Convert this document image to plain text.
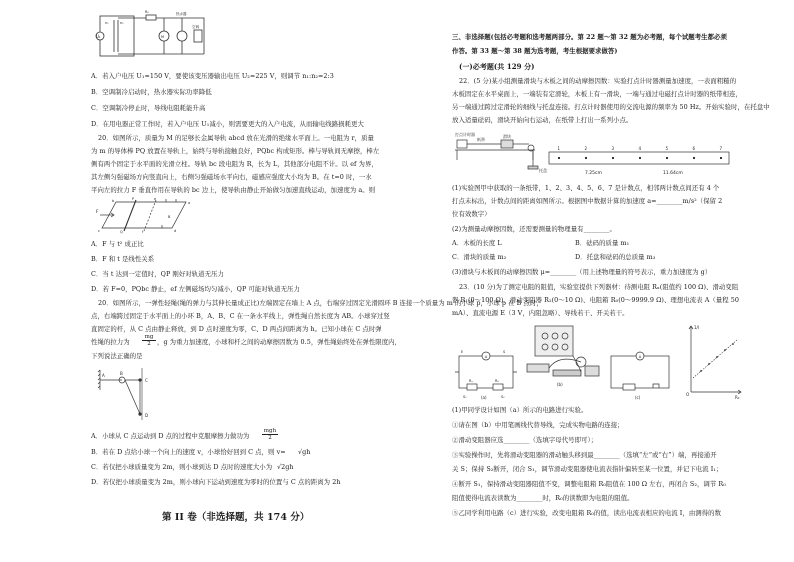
U₁
n₁	n₂
R₀
M
热水器
空调
A．若入户电压 U₁=150 V，要使该变压器输出电压 U₂=225 V，则调节 n₁:n₂=2:3
B．空调制冷启动时，热水器实际功率降低
C．空调制冷停止时，导线电阻耗能升高
D．在用电器正常工作时，若入户电压 U₁减小，则需要更大的入户电流，从而输电线路损耗更大
20．如图所示，质量为 M 的足够长金属导轨 abcd 放在光滑的绝缘水平面上。一电阻为 r，质量
为 m 的导体棒 PQ 放置在导轨上，始终与导轨接触良好，PQbc 构成矩形。棒与导轨间无摩擦，棒左
侧有两个固定于水平面的光滑立柱。导轨 bc 段电阻为 R，长为 L，其他部分电阻不计。以 ef 为界，
其左侧匀强磁场方向竖直向上，右侧匀强磁场水平向右，磁感应强度大小均为 B。在 t=0 时，一水
平向左的拉力 F 垂直作用在导轨的 bc 边上，使导轨由静止开始做匀加速直线运动，加速度为 a。则
F
P
Q
e
f
b
c
a
d
B
A．F 与 t² 成正比
B．F 和 t 是线性关系
C．当 t 达到一定值时，QP 刚好对轨道无压力
D．若 F=0，PQbc 静止，ef 左侧磁场均匀减小，QP 可能对轨道无压力
20．如图所示，一弹性轻绳(绳的弹力与其伸长量成正比)左端固定在墙上 A 点，右端穿过固定光滑圆环 B 连接一个质量为 m 的小球 p，小球 p 在 B 点时，
点，右端跨过固定于水平面上的小环 B，A、B、C 在一条水平线上，弹性绳自然长度为 AB。小球穿过竖
直固定的杆，从 C 点由静止释放，到 D 点时速度为零，C、D 两点间距离为 h。已知小球在 C 点时弹
性绳的拉力为 $\frac{mg}{2}$ ，g 为重力加速度，小球和杆之间的动摩擦因数为 0.5，弹性绳始终处在弹性限度内，
下列说法正确的是
A	B
C
D
A．小球从 C 点运动到 D 点的过程中克服摩擦力做功为
mgh
2
B．若在 D 点给小球一个向上的速度 v，小球恰好回到 C 点，则 v= √gh
C．若仅把小球质量变为 2m，则小球到达 D 点时的速度大小为 √2gh
D．若仅把小球质量变为 2m，则小球向下运动到速度为零时的位置与 C 点的距离为 2h
第 II 卷（非选择题，共 174 分）
三、非选择题(包括必考题和选考题两部分。第 22 题～第 32 题为必考题，每个试题考生都必须
作答。第 33 题～第 38 题为选考题，考生根据要求做答)
(一)必考题(共 129 分)
22．(5 分)某小组测量滑块与木板之间的动摩擦因数：实验打点计时器测量加速度，一表面粗糙的
木板固定在水平桌面上，一端装有定滑轮，木板上有一滑块，一端与通过电磁打点计时器的纸带相连，
另一端通过跨过定滑轮的细线与托盘连接。打点计时器使用的交流电源的频率为 50 Hz。开始实验时，在托盘中
放入适量砝码，滑块开始向右运动，在纸带上打出一系列小点。
打点计时器
纸带
滑块
托盘
1	2	3	4	5	6	7
7.25cm	11.64cm
(1)实验图甲中获取的一条纸带，1、2、3、4、5、6、7 是计数点，相邻两计数点间还有 4 个
打点未标出，计数点间的距离如图所示。根据图中数据计算的加速度 a=________m/s²（保留 2
位有效数字）
(2)为测量动摩擦因数，还需要测量的物理量有________。
A．木板的长度 L	B．砝码的质量 m₁
C．滑块的质量 m₂	D．托盘和砝码的总质量 m₃
(3)滑块与木板间的动摩擦因数 μ=________（用上述物理量的符号表示，重力加速度为 g）
23．(10 分)为了测定电阻的阻值，实验室提供下列器材：待测电阻 Rₓ(阻值约 100 Ω)、滑动变阻
器 R₁(0～100 Ω)、滑动变阻器 R₂(0～10 Ω)、电阻箱 R₀(0～9999.9 Ω)、理想电流表 A（量程 50
mA）、直流电源 E（3 V，内阻忽略）、导线若干、开关若干。
A
Rₓ	R₀
E	S
S₁	S₂
(a)
(b)
(c)
A
1/I
O
R₀
(1)甲同学设计如图（a）所示的电路进行实验。
①请在图（b）中用笔画线代替导线，完成实物电路的连接；
②滑动变阻器应选________（选填字母代号即可）；
③实验操作时，先将滑动变阻器的滑动触头移到最________（选填“左”或“右”）端，再接通开
关 S；保持 S₂断开，闭合 S₁，调节滑动变阻器使电流表指针偏转至某一位置，并记下电流 I₁；
④断开 S₁，保持滑动变阻器阻值不变，调整电阻箱 R₀阻值在 100 Ω 左右，再闭合 S₂，调节 R₀
阻值使得电流表读数为________时，R₀的读数即为电阻的阻值。
⑤乙同学利用电路（c）进行实验，改变电阻箱 R₀的值，读出电流表相应的电流 I，由测得的数
